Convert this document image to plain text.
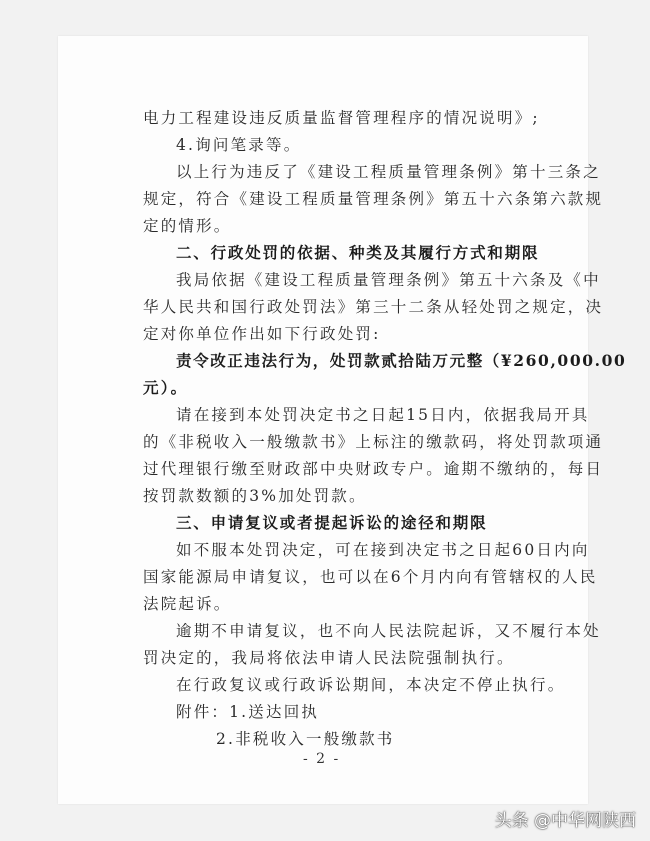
电力工程建设违反质量监督管理程序的情况说明》;
4.询问笔录等。
以上行为违反了《建设工程质量管理条例》第十三条之
规定，符合《建设工程质量管理条例》第五十六条第六款规
定的情形。
二、行政处罚的依据、种类及其履行方式和期限
我局依据《建设工程质量管理条例》第五十六条及《中
华人民共和国行政处罚法》第三十二条从轻处罚之规定，决
定对你单位作出如下行政处罚:
责令改正违法行为，处罚款贰拾陆万元整（¥260,000.00
元）。
请在接到本处罚决定书之日起15日内，依据我局开具
的《非税收入一般缴款书》上标注的缴款码，将处罚款项通
过代理银行缴至财政部中央财政专户。逾期不缴纳的，每日
按罚款数额的3%加处罚款。
三、申请复议或者提起诉讼的途径和期限
如不服本处罚决定，可在接到决定书之日起60日内向
国家能源局申请复议，也可以在6个月内向有管辖权的人民
法院起诉。
逾期不申请复议，也不向人民法院起诉，又不履行本处
罚决定的，我局将依法申请人民法院强制执行。
在行政复议或行政诉讼期间，本决定不停止执行。
附件：1.送达回执
2.非税收入一般缴款书
- 2 -
头条 @中华网陕西
